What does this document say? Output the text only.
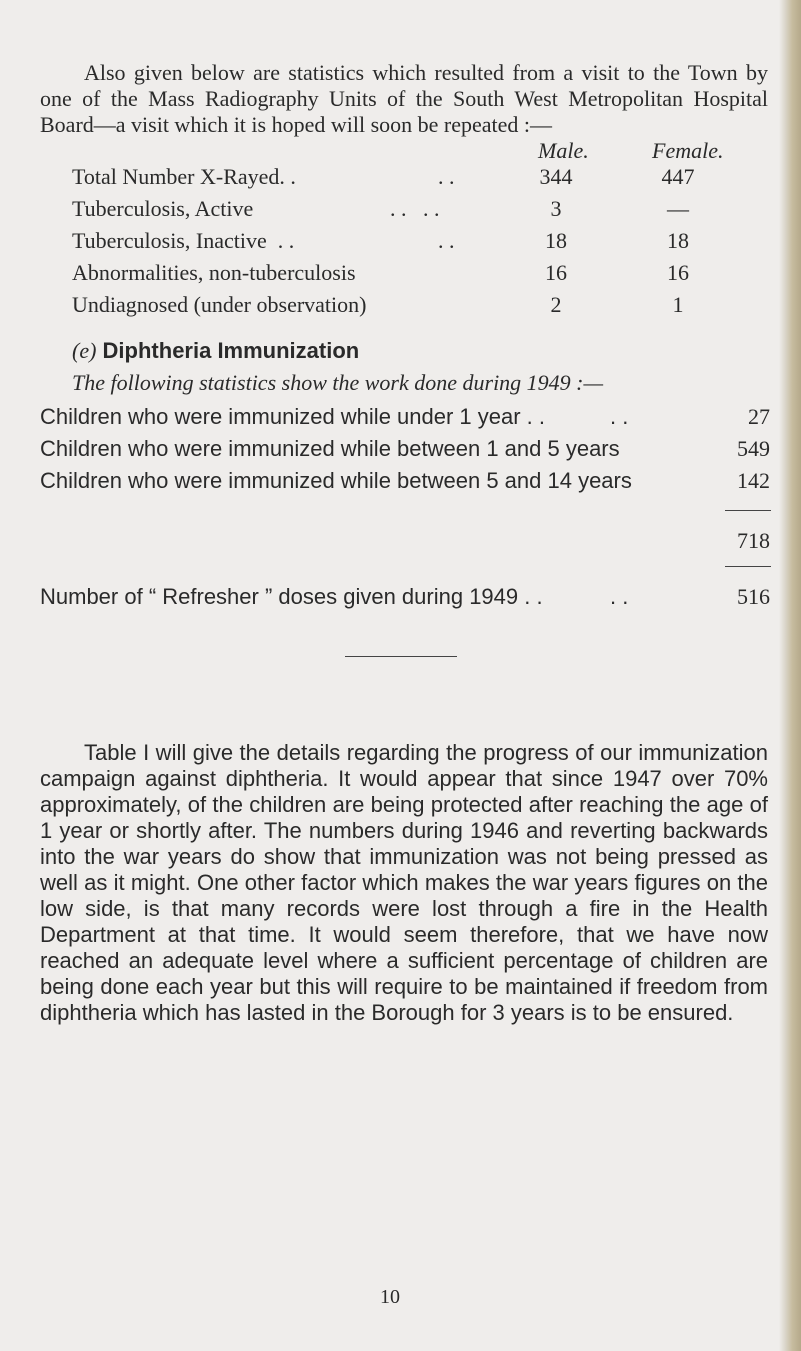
Also given below are statistics which resulted from a visit to the Town by one of the Mass Radiography Units of the South West Metropolitan Hospital Board—a visit which it is hoped will soon be repeated :—

Male.	Female.
Total Number X-Rayed. .	. .	344	447
Tuberculosis, Active	. .   . .	3	—
Tuberculosis, Inactive  . .	. .	18	18
Abnormalities, non-tuberculosis	16	16
Undiagnosed (under observation)	2	1
(e) Diphtheria Immunization
The following statistics show the work done during 1949 :—
Children who were immunized while under 1 year . .	. .	27
Children who were immunized while between 1 and 5 years	549
Children who were immunized while between 5 and 14 years	142
718
Number of “ Refresher ” doses given during 1949 . .	. .	516

Table I will give the details regarding the progress of our immunization campaign against diphtheria. It would appear that since 1947 over 70% approximately, of the children are being protected after reaching the age of 1 year or shortly after. The numbers during 1946 and reverting backwards into the war years do show that immunization was not being pressed as well as it might. One other factor which makes the war years figures on the low side, is that many records were lost through a fire in the Health Department at that time. It would seem therefore, that we have now reached an adequate level where a sufficient percentage of children are being done each year but this will require to be maintained if freedom from diphtheria which has lasted in the Borough for 3 years is to be ensured.

10
